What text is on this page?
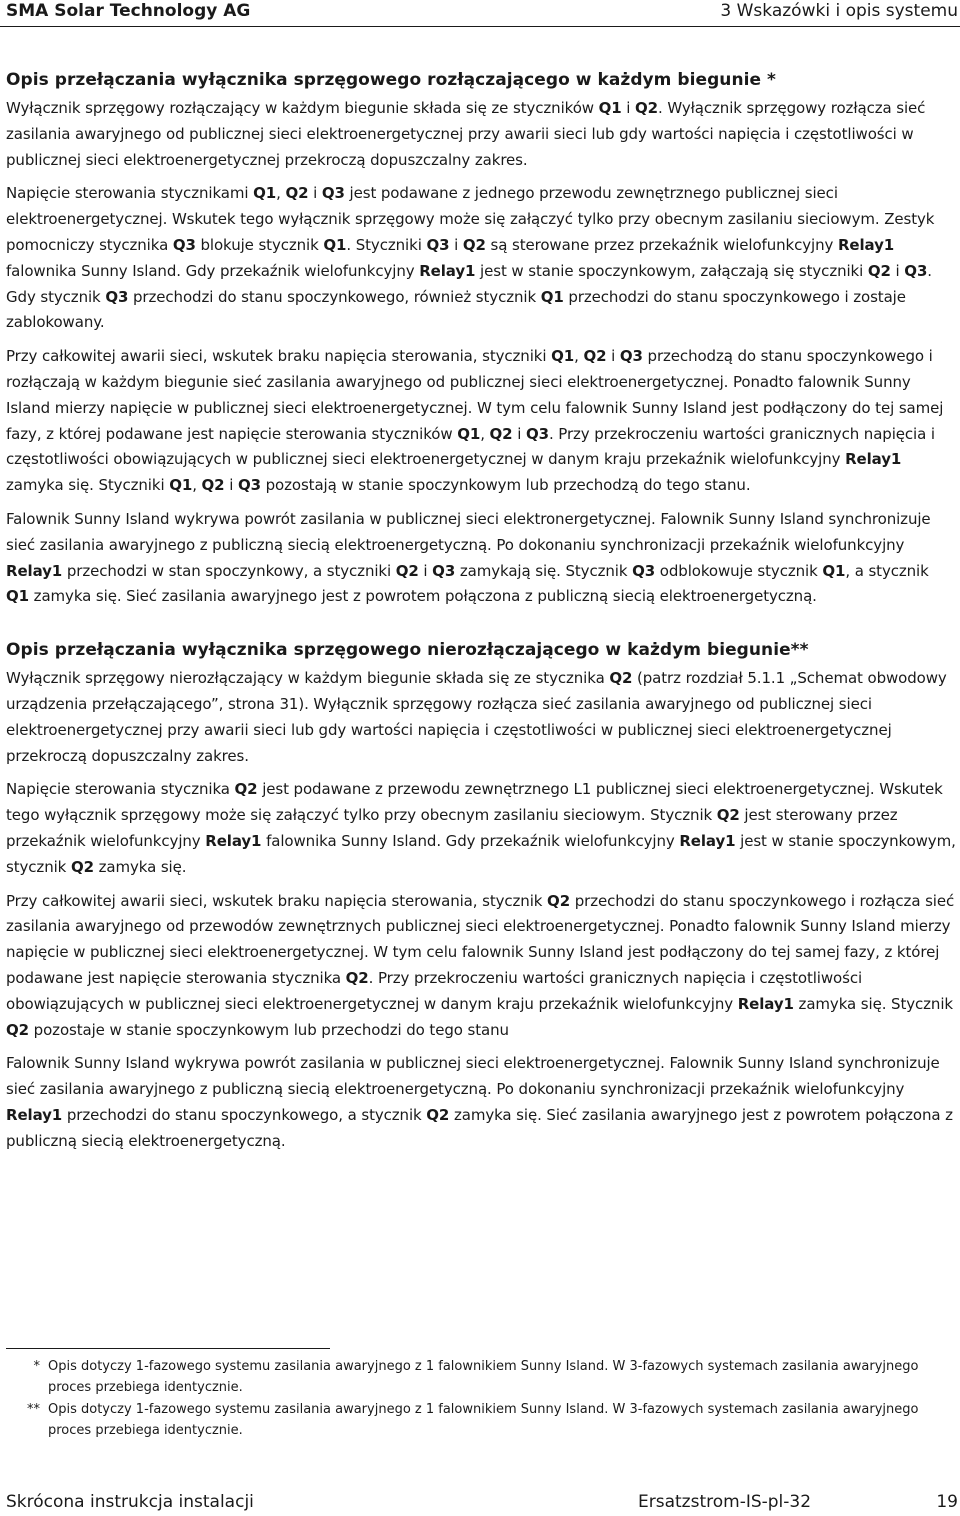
SMA Solar Technology AG	3 Wskazówki i opis systemu
Opis przełączania wyłącznika sprzęgowego rozłączającego w każdym biegunie *

Wyłącznik sprzęgowy rozłączający w każdym biegunie składa się ze styczników Q1 i Q2. Wyłącznik sprzęgowy rozłącza sieć zasilania awaryjnego od publicznej sieci elektroenergetycznej przy awarii sieci lub gdy wartości napięcia i częstotliwości w publicznej sieci elektroenergetycznej przekroczą dopuszczalny zakres.

Napięcie sterowania stycznikami Q1, Q2 i Q3 jest podawane z jednego przewodu zewnętrznego publicznej sieci elektroenergetycznej. Wskutek tego wyłącznik sprzęgowy może się załączyć tylko przy obecnym zasilaniu sieciowym. Zestyk pomocniczy stycznika Q3 blokuje stycznik Q1. Styczniki Q3 i Q2 są sterowane przez przekaźnik wielofunkcyjny Relay1 falownika Sunny Island. Gdy przekaźnik wielofunkcyjny Relay1 jest w stanie spoczynkowym, załączają się styczniki Q2 i Q3. Gdy stycznik Q3 przechodzi do stanu spoczynkowego, również stycznik Q1 przechodzi do stanu spoczynkowego i zostaje zablokowany.

Przy całkowitej awarii sieci, wskutek braku napięcia sterowania, styczniki Q1, Q2 i Q3 przechodzą do stanu spoczynkowego i rozłączają w każdym biegunie sieć zasilania awaryjnego od publicznej sieci elektroenergetycznej. Ponadto falownik Sunny Island mierzy napięcie w publicznej sieci elektroenergetycznej. W tym celu falownik Sunny Island jest podłączony do tej samej fazy, z której podawane jest napięcie sterowania styczników Q1, Q2 i Q3. Przy przekroczeniu wartości granicznych napięcia i częstotliwości obowiązujących w publicznej sieci elektroenergetycznej w danym kraju przekaźnik wielofunkcyjny Relay1 zamyka się. Styczniki Q1, Q2 i Q3 pozostają w stanie spoczynkowym lub przechodzą do tego stanu.

Falownik Sunny Island wykrywa powrót zasilania w publicznej sieci elektronergetycznej. Falownik Sunny Island synchronizuje sieć zasilania awaryjnego z publiczną siecią elektroenergetyczną. Po dokonaniu synchronizacji przekaźnik wielofunkcyjny Relay1 przechodzi w stan spoczynkowy, a styczniki Q2 i Q3 zamykają się. Stycznik Q3 odblokowuje stycznik Q1, a stycznik Q1 zamyka się. Sieć zasilania awaryjnego jest z powrotem połączona z publiczną siecią elektroenergetyczną.

Opis przełączania wyłącznika sprzęgowego nierozłączającego w każdym biegunie**

Wyłącznik sprzęgowy nierozłączający w każdym biegunie składa się ze stycznika Q2 (patrz rozdział 5.1.1 „Schemat obwodowy urządzenia przełączającego”, strona 31). Wyłącznik sprzęgowy rozłącza sieć zasilania awaryjnego od publicznej sieci elektroenergetycznej przy awarii sieci lub gdy wartości napięcia i częstotliwości w publicznej sieci elektroenergetycznej przekroczą dopuszczalny zakres.

Napięcie sterowania stycznika Q2 jest podawane z przewodu zewnętrznego L1 publicznej sieci elektroenergetycznej. Wskutek tego wyłącznik sprzęgowy może się załączyć tylko przy obecnym zasilaniu sieciowym. Stycznik Q2 jest sterowany przez przekaźnik wielofunkcyjny Relay1 falownika Sunny Island. Gdy przekaźnik wielofunkcyjny Relay1 jest w stanie spoczynkowym, stycznik Q2 zamyka się.

Przy całkowitej awarii sieci, wskutek braku napięcia sterowania, stycznik Q2 przechodzi do stanu spoczynkowego i rozłącza sieć zasilania awaryjnego od przewodów zewnętrznych publicznej sieci elektroenergetycznej. Ponadto falownik Sunny Island mierzy napięcie w publicznej sieci elektroenergetycznej. W tym celu falownik Sunny Island jest podłączony do tej samej fazy, z której podawane jest napięcie sterowania stycznika Q2. Przy przekroczeniu wartości granicznych napięcia i częstotliwości obowiązujących w publicznej sieci elektroenergetycznej w danym kraju przekaźnik wielofunkcyjny Relay1 zamyka się. Stycznik Q2 pozostaje w stanie spoczynkowym lub przechodzi do tego stanu

Falownik Sunny Island wykrywa powrót zasilania w publicznej sieci elektroenergetycznej. Falownik Sunny Island synchronizuje sieć zasilania awaryjnego z publiczną siecią elektroenergetyczną. Po dokonaniu synchronizacji przekaźnik wielofunkcyjny Relay1 przechodzi do stanu spoczynkowego, a stycznik Q2 zamyka się. Sieć zasilania awaryjnego jest z powrotem połączona z publiczną siecią elektroenergetyczną.

* Opis dotyczy 1-fazowego systemu zasilania awaryjnego z 1 falownikiem Sunny Island. W 3-fazowych systemach zasilania awaryjnego proces przebiega identycznie.
** Opis dotyczy 1-fazowego systemu zasilania awaryjnego z 1 falownikiem Sunny Island. W 3-fazowych systemach zasilania awaryjnego proces przebiega identycznie.
Skrócona instrukcja instalacji	Ersatzstrom-IS-pl-32	19
